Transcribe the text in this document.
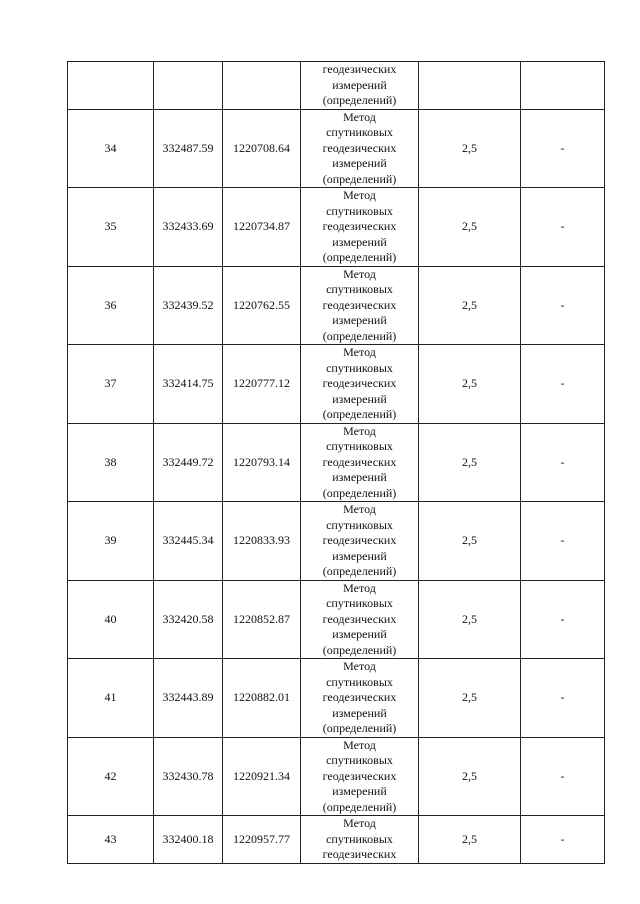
			геодезических
измерений
(определений)		
34	332487.59	1220708.64	Метод
спутниковых
геодезических
измерений
(определений)	2,5	-
35	332433.69	1220734.87	Метод
спутниковых
геодезических
измерений
(определений)	2,5	-
36	332439.52	1220762.55	Метод
спутниковых
геодезических
измерений
(определений)	2,5	-
37	332414.75	1220777.12	Метод
спутниковых
геодезических
измерений
(определений)	2,5	-
38	332449.72	1220793.14	Метод
спутниковых
геодезических
измерений
(определений)	2,5	-
39	332445.34	1220833.93	Метод
спутниковых
геодезических
измерений
(определений)	2,5	-
40	332420.58	1220852.87	Метод
спутниковых
геодезических
измерений
(определений)	2,5	-
41	332443.89	1220882.01	Метод
спутниковых
геодезических
измерений
(определений)	2,5	-
42	332430.78	1220921.34	Метод
спутниковых
геодезических
измерений
(определений)	2,5	-
43	332400.18	1220957.77	Метод
спутниковых
геодезических	2,5	-
